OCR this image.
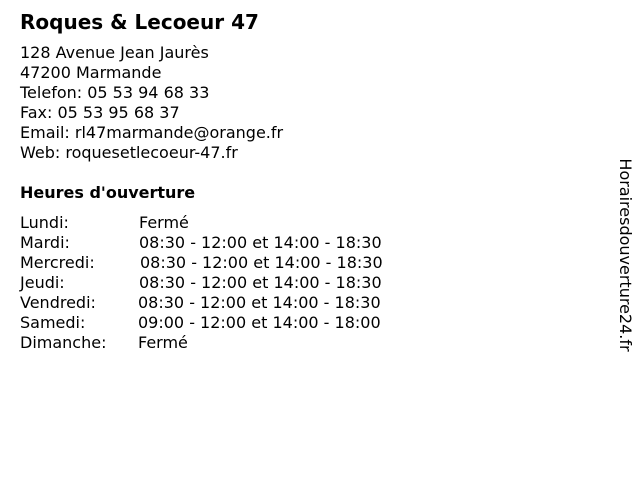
Roques & Lecoeur 47
128 Avenue Jean Jaurès
47200 Marmande
Telefon: 05 53 94 68 33
Fax: 05 53 95 68 37
Email: rl47marmande@orange.fr
Web: roquesetlecoeur-47.fr
Heures d'ouverture
Lundi:	Fermé
Mardi:	08:30 - 12:00 et 14:00 - 18:30
Mercredi:	08:30 - 12:00 et 14:00 - 18:30
Jeudi:	08:30 - 12:00 et 14:00 - 18:30
Vendredi:	08:30 - 12:00 et 14:00 - 18:30
Samedi:	09:00 - 12:00 et 14:00 - 18:00
Dimanche: Fermé	Horairesdouverture24.fr
